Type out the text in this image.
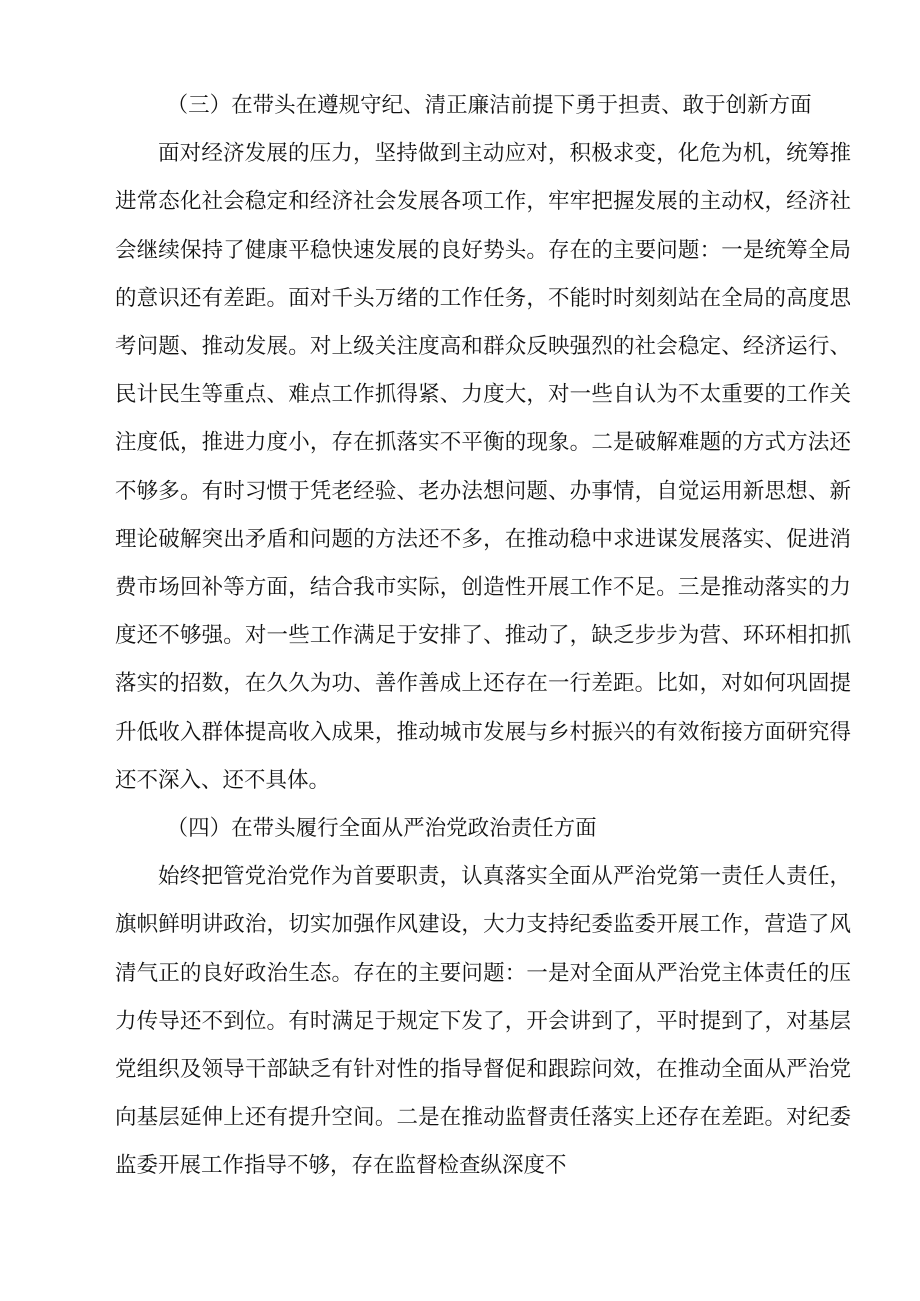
（三）在带头在遵规守纪、清正廉洁前提下勇于担责、敢于创新方面

面对经济发展的压力，坚持做到主动应对，积极求变，化危为机，统筹推进常态化社会稳定和经济社会发展各项工作，牢牢把握发展的主动权，经济社会继续保持了健康平稳快速发展的良好势头。存在的主要问题：一是统筹全局的意识还有差距。面对千头万绪的工作任务，不能时时刻刻站在全局的高度思考问题、推动发展。对上级关注度高和群众反映强烈的社会稳定、经济运行、民计民生等重点、难点工作抓得紧、力度大，对一些自认为不太重要的工作关注度低，推进力度小，存在抓落实不平衡的现象。二是破解难题的方式方法还不够多。有时习惯于凭老经验、老办法想问题、办事情，自觉运用新思想、新理论破解突出矛盾和问题的方法还不多，在推动稳中求进谋发展落实、促进消费市场回补等方面，结合我市实际，创造性开展工作不足。三是推动落实的力度还不够强。对一些工作满足于安排了、推动了，缺乏步步为营、环环相扣抓落实的招数，在久久为功、善作善成上还存在一行差距。比如，对如何巩固提升低收入群体提高收入成果，推动城市发展与乡村振兴的有效衔接方面研究得还不深入、还不具体。

（四）在带头履行全面从严治党政治责任方面

始终把管党治党作为首要职责，认真落实全面从严治党第一责任人责任，旗帜鲜明讲政治，切实加强作风建设，大力支持纪委监委开展工作，营造了风清气正的良好政治生态。存在的主要问题：一是对全面从严治党主体责任的压力传导还不到位。有时满足于规定下发了，开会讲到了，平时提到了，对基层党组织及领导干部缺乏有针对性的指导督促和跟踪问效，在推动全面从严治党向基层延伸上还有提升空间。二是在推动监督责任落实上还存在差距。对纪委监委开展工作指导不够，存在监督检查纵深度不
